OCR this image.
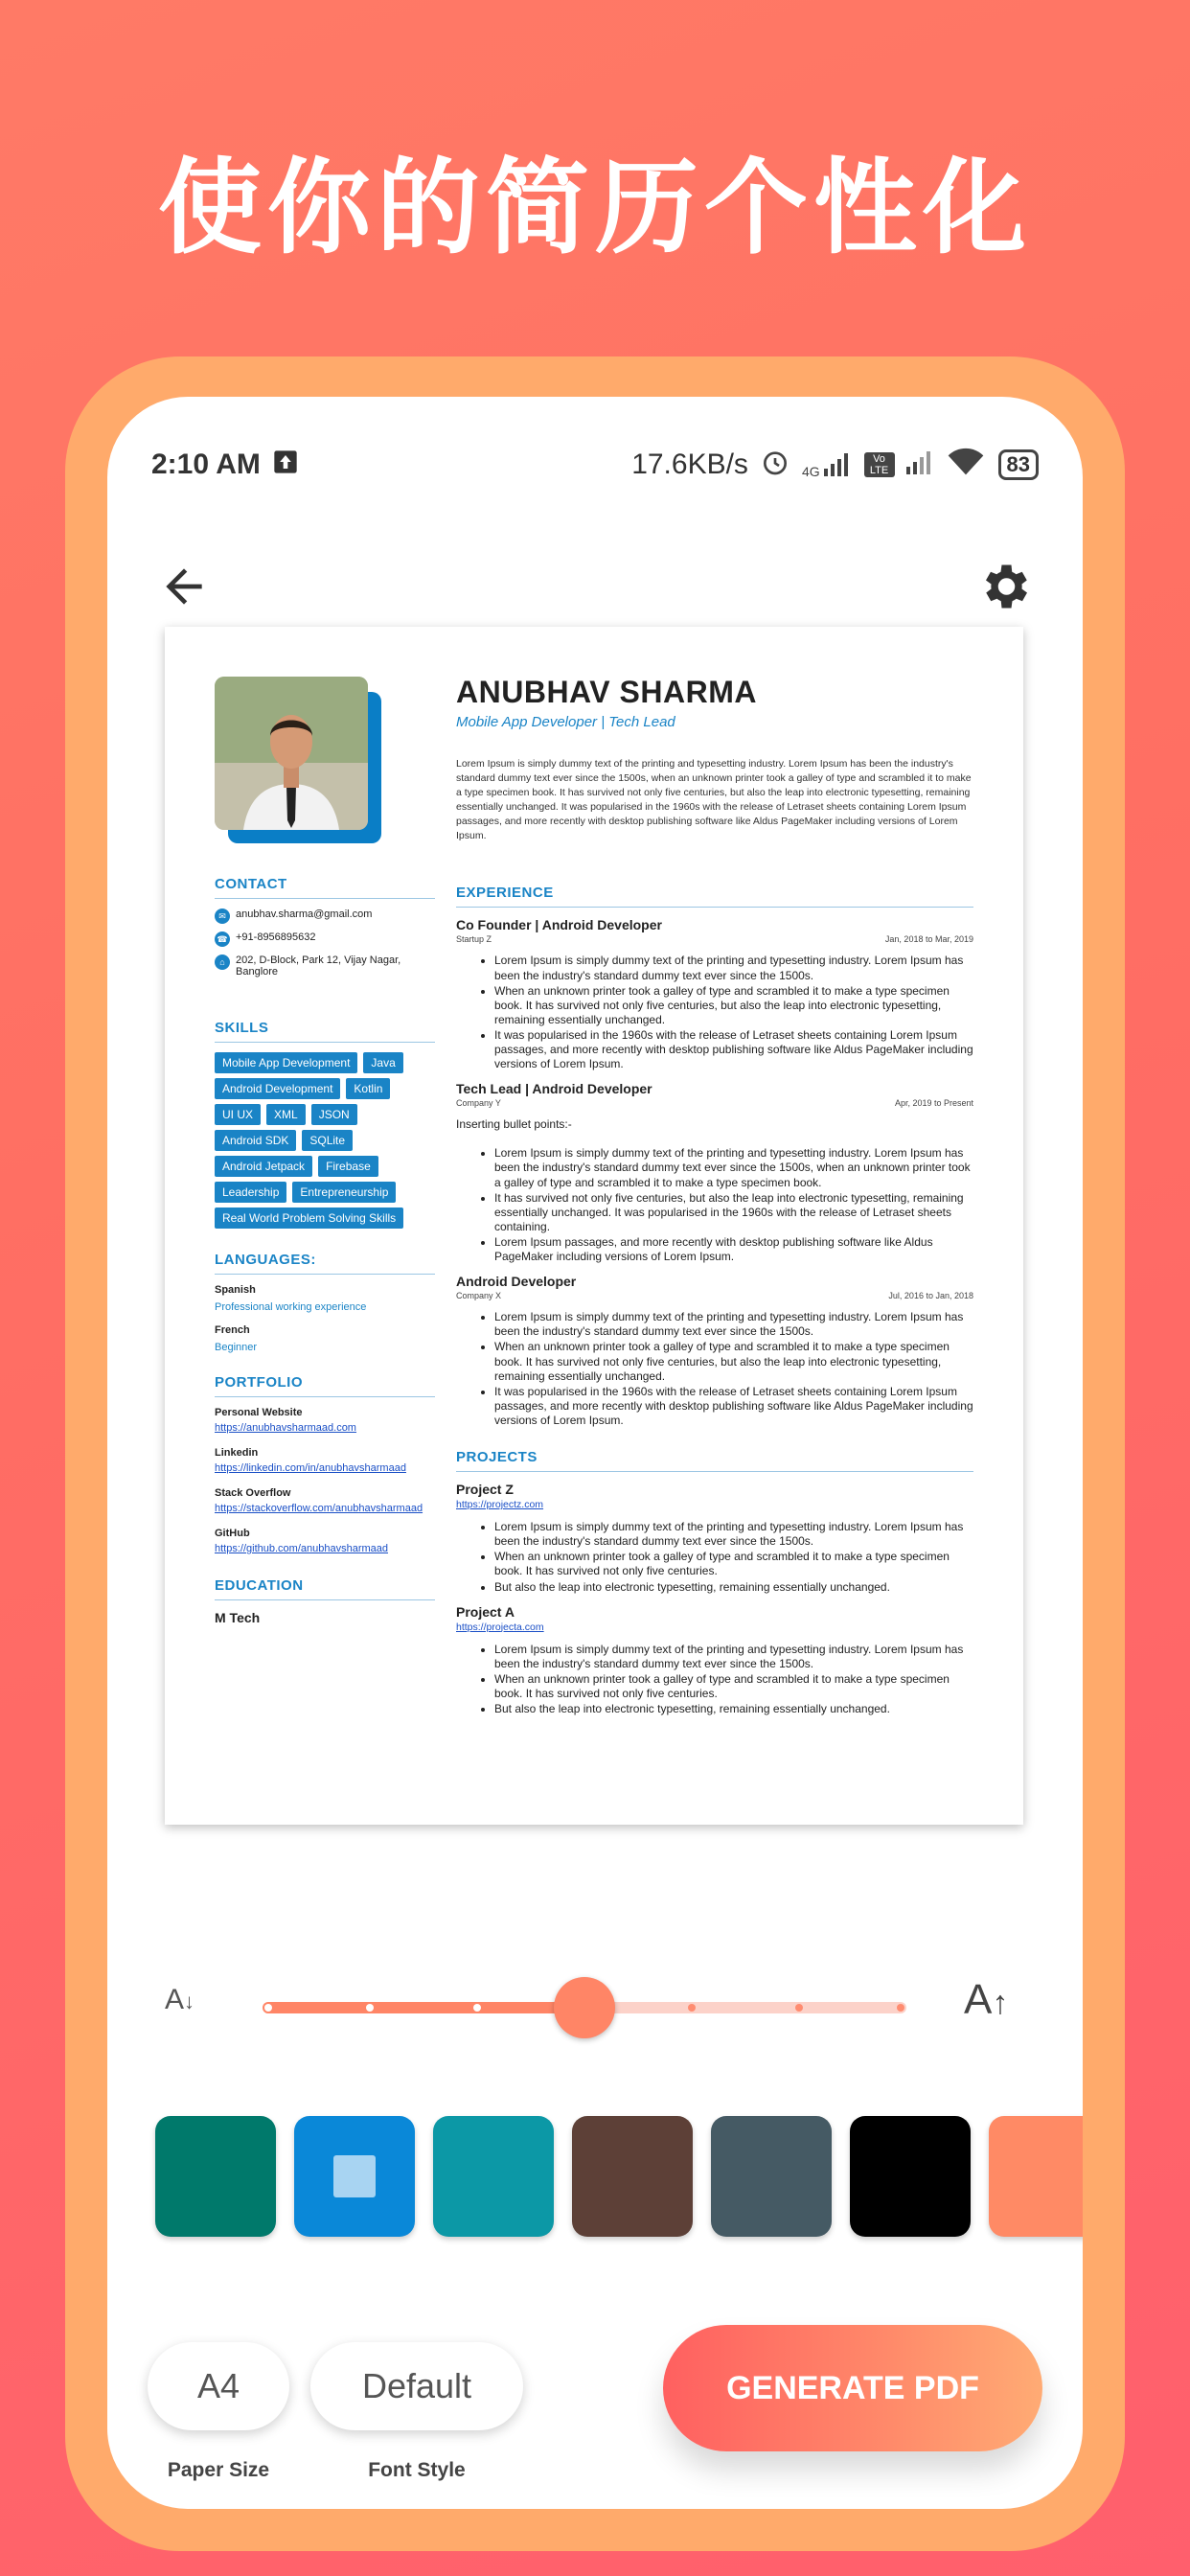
使你的简历个性化
2:10 AM	17.6KB/s	4G
Vo LTE	83
CONTACT
✉ anubhav.sharma@gmail.com
☎ +91-8956895632
⌂	202, D-Block, Park 12, Vijay Nagar, Banglore
SKILLS
Mobile App Development	Java
Android Development	Kotlin
UI UX	XML	JSON
Android SDK	SQLite
Android Jetpack	Firebase
Leadership	Entrepreneurship
Real World Problem Solving Skills
LANGUAGES:
Spanish
Professional working experience
French
Beginner
PORTFOLIO
Personal Website
https://anubhavsharmaad.com
Linkedin
https://linkedin.com/in/anubhavsharmaad
Stack Overflow
https://stackoverflow.com/anubhavsharmaad
GitHub
https://github.com/anubhavsharmaad
EDUCATION
M Tech
ANUBHAV SHARMA
Mobile App Developer | Tech Lead
Lorem Ipsum is simply dummy text of the printing and typesetting industry. Lorem Ipsum has been the industry's standard dummy text ever since the 1500s, when an unknown printer took a galley of type and scrambled it to make a type specimen book. It has survived not only five centuries, but also the leap into electronic typesetting, remaining essentially unchanged. It was popularised in the 1960s with the release of Letraset sheets containing Lorem Ipsum passages, and more recently with desktop publishing software like Aldus PageMaker including versions of Lorem Ipsum.
EXPERIENCE
Co Founder | Android Developer
Startup Z	Jan, 2018 to Mar, 2019
• Lorem Ipsum is simply dummy text of the printing and typesetting industry. Lorem Ipsum has been the industry's standard dummy text ever since the 1500s.
• When an unknown printer took a galley of type and scrambled it to make a type specimen book. It has survived not only five centuries, but also the leap into electronic typesetting, remaining essentially unchanged.
• It was popularised in the 1960s with the release of Letraset sheets containing Lorem Ipsum passages, and more recently with desktop publishing software like Aldus PageMaker including versions of Lorem Ipsum.
Tech Lead | Android Developer
Company Y	Apr, 2019 to Present
Inserting bullet points:-
• Lorem Ipsum is simply dummy text of the printing and typesetting industry. Lorem Ipsum has been the industry's standard dummy text ever since the 1500s, when an unknown printer took a galley of type and scrambled it to make a type specimen book.
• It has survived not only five centuries, but also the leap into electronic typesetting, remaining essentially unchanged. It was popularised in the 1960s with the release of Letraset sheets containing.
• Lorem Ipsum passages, and more recently with desktop publishing software like Aldus PageMaker including versions of Lorem Ipsum.
Android Developer
Company X	Jul, 2016 to Jan, 2018
• Lorem Ipsum is simply dummy text of the printing and typesetting industry. Lorem Ipsum has been the industry's standard dummy text ever since the 1500s.
• When an unknown printer took a galley of type and scrambled it to make a type specimen book. It has survived not only five centuries, but also the leap into electronic typesetting, remaining essentially unchanged.
• It was popularised in the 1960s with the release of Letraset sheets containing Lorem Ipsum passages, and more recently with desktop publishing software like Aldus PageMaker including versions of Lorem Ipsum.
PROJECTS
Project Z
https://projectz.com
• Lorem Ipsum is simply dummy text of the printing and typesetting industry. Lorem Ipsum has been the industry's standard dummy text ever since the 1500s.
• When an unknown printer took a galley of type and scrambled it to make a type specimen book. It has survived not only five centuries.
• But also the leap into electronic typesetting, remaining essentially unchanged.
Project A
https://projecta.com
• Lorem Ipsum is simply dummy text of the printing and typesetting industry. Lorem Ipsum has been the industry's standard dummy text ever since the 1500s.
• When an unknown printer took a galley of type and scrambled it to make a type specimen book. It has survived not only five centuries.
• But also the leap into electronic typesetting, remaining essentially unchanged.
A↓	A↑
A4
Paper Size
Default
Font Style
GENERATE PDF
